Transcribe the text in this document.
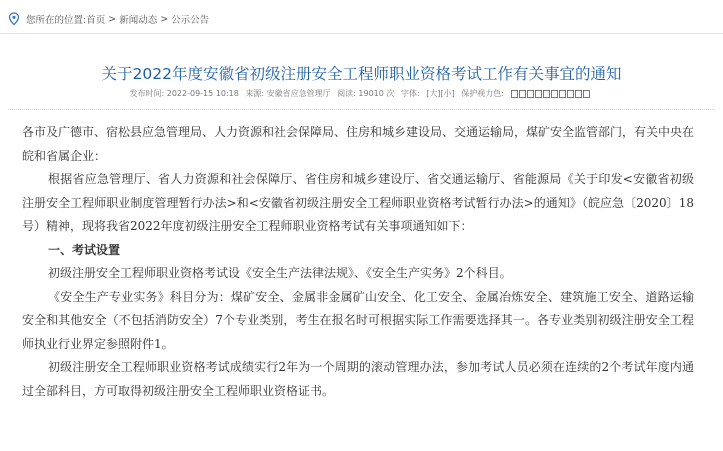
您所在的位置: 首页 > 新闻动态 > 公示公告
关于2022年度安徽省初级注册安全工程师职业资格考试工作有关事宜的通知
发布时间: 2022-09-15 10:18 来源: 安徽省应急管理厅 阅读: 19010 次 字体: [大][小] 保护视力色:

各市及广德市、宿松县应急管理局、人力资源和社会保障局、住房和城乡建设局、交通运输局，煤矿安全监管部门，有关中央在皖和省属企业：

根据省应急管理厅、省人力资源和社会保障厅、省住房和城乡建设厅、省交通运输厅、省能源局《关于印发<安徽省初级注册安全工程师职业制度管理暂行办法>和<安徽省初级注册安全工程师职业资格考试暂行办法>的通知》（皖应急〔2020〕18号）精神，现将我省2022年度初级注册安全工程师职业资格考试有关事项通知如下：

一、考试设置

初级注册安全工程师职业资格考试设《安全生产法律法规》、《安全生产实务》2个科目。

《安全生产专业实务》科目分为：煤矿安全、金属非金属矿山安全、化工安全、金属冶炼安全、建筑施工安全、道路运输安全和其他安全（不包括消防安全）7个专业类别，考生在报名时可根据实际工作需要选择其一。各专业类别初级注册安全工程师执业行业界定参照附件1。

初级注册安全工程师职业资格考试成绩实行2年为一个周期的滚动管理办法，参加考试人员必须在连续的2个考试年度内通过全部科目，方可取得初级注册安全工程师职业资格证书。
